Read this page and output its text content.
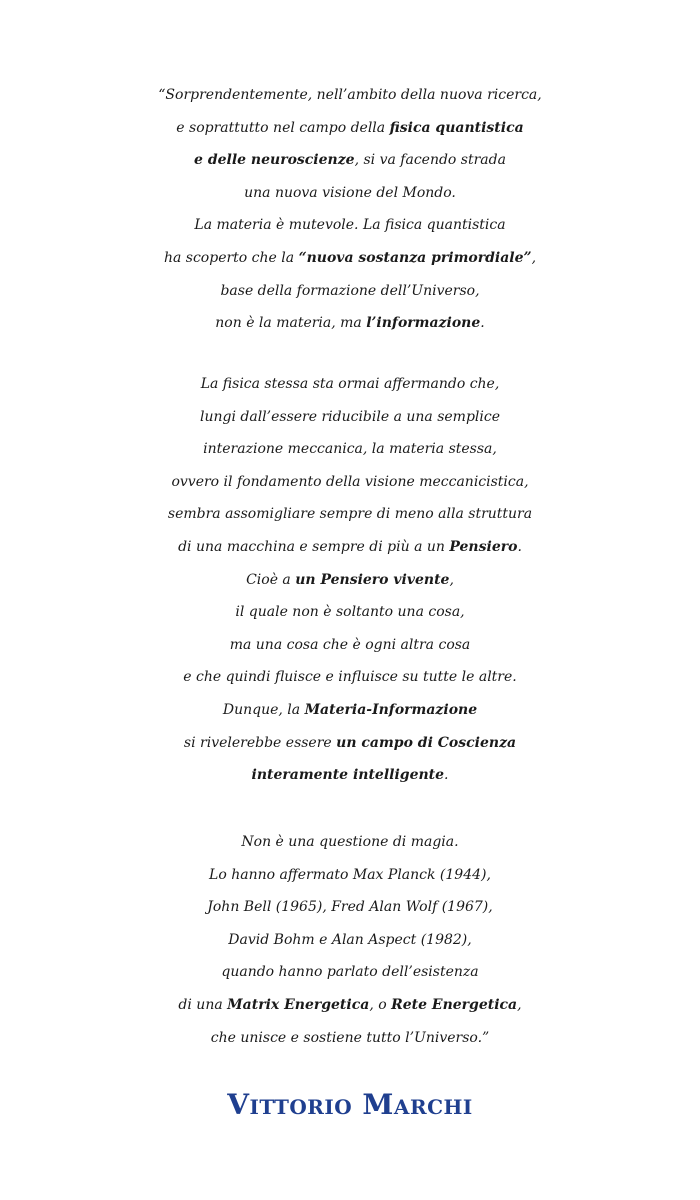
“Sorprendentemente, nell’ambito della nuova ricerca,
e soprattutto nel campo della fisica quantistica
e delle neuroscienze, si va facendo strada
una nuova visione del Mondo.
La materia è mutevole. La fisica quantistica
ha scoperto che la “nuova sostanza primordiale”,
base della formazione dell’Universo,
non è la materia, ma l’informazione.
La fisica stessa sta ormai affermando che,
lungi dall’essere riducibile a una semplice
interazione meccanica, la materia stessa,
ovvero il fondamento della visione meccanicistica,
sembra assomigliare sempre di meno alla struttura
di una macchina e sempre di più a un Pensiero.
Cioè a un Pensiero vivente,
il quale non è soltanto una cosa,
ma una cosa che è ogni altra cosa
e che quindi fluisce e influisce su tutte le altre.
Dunque, la Materia-Informazione
si rivelerebbe essere un campo di Coscienza
interamente intelligente.
Non è una questione di magia.
Lo hanno affermato Max Planck (1944),
John Bell (1965), Fred Alan Wolf (1967),
David Bohm e Alan Aspect (1982),
quando hanno parlato dell’esistenza
di una Matrix Energetica, o Rete Energetica,
che unisce e sostiene tutto l’Universo.”
Vittorio Marchi
